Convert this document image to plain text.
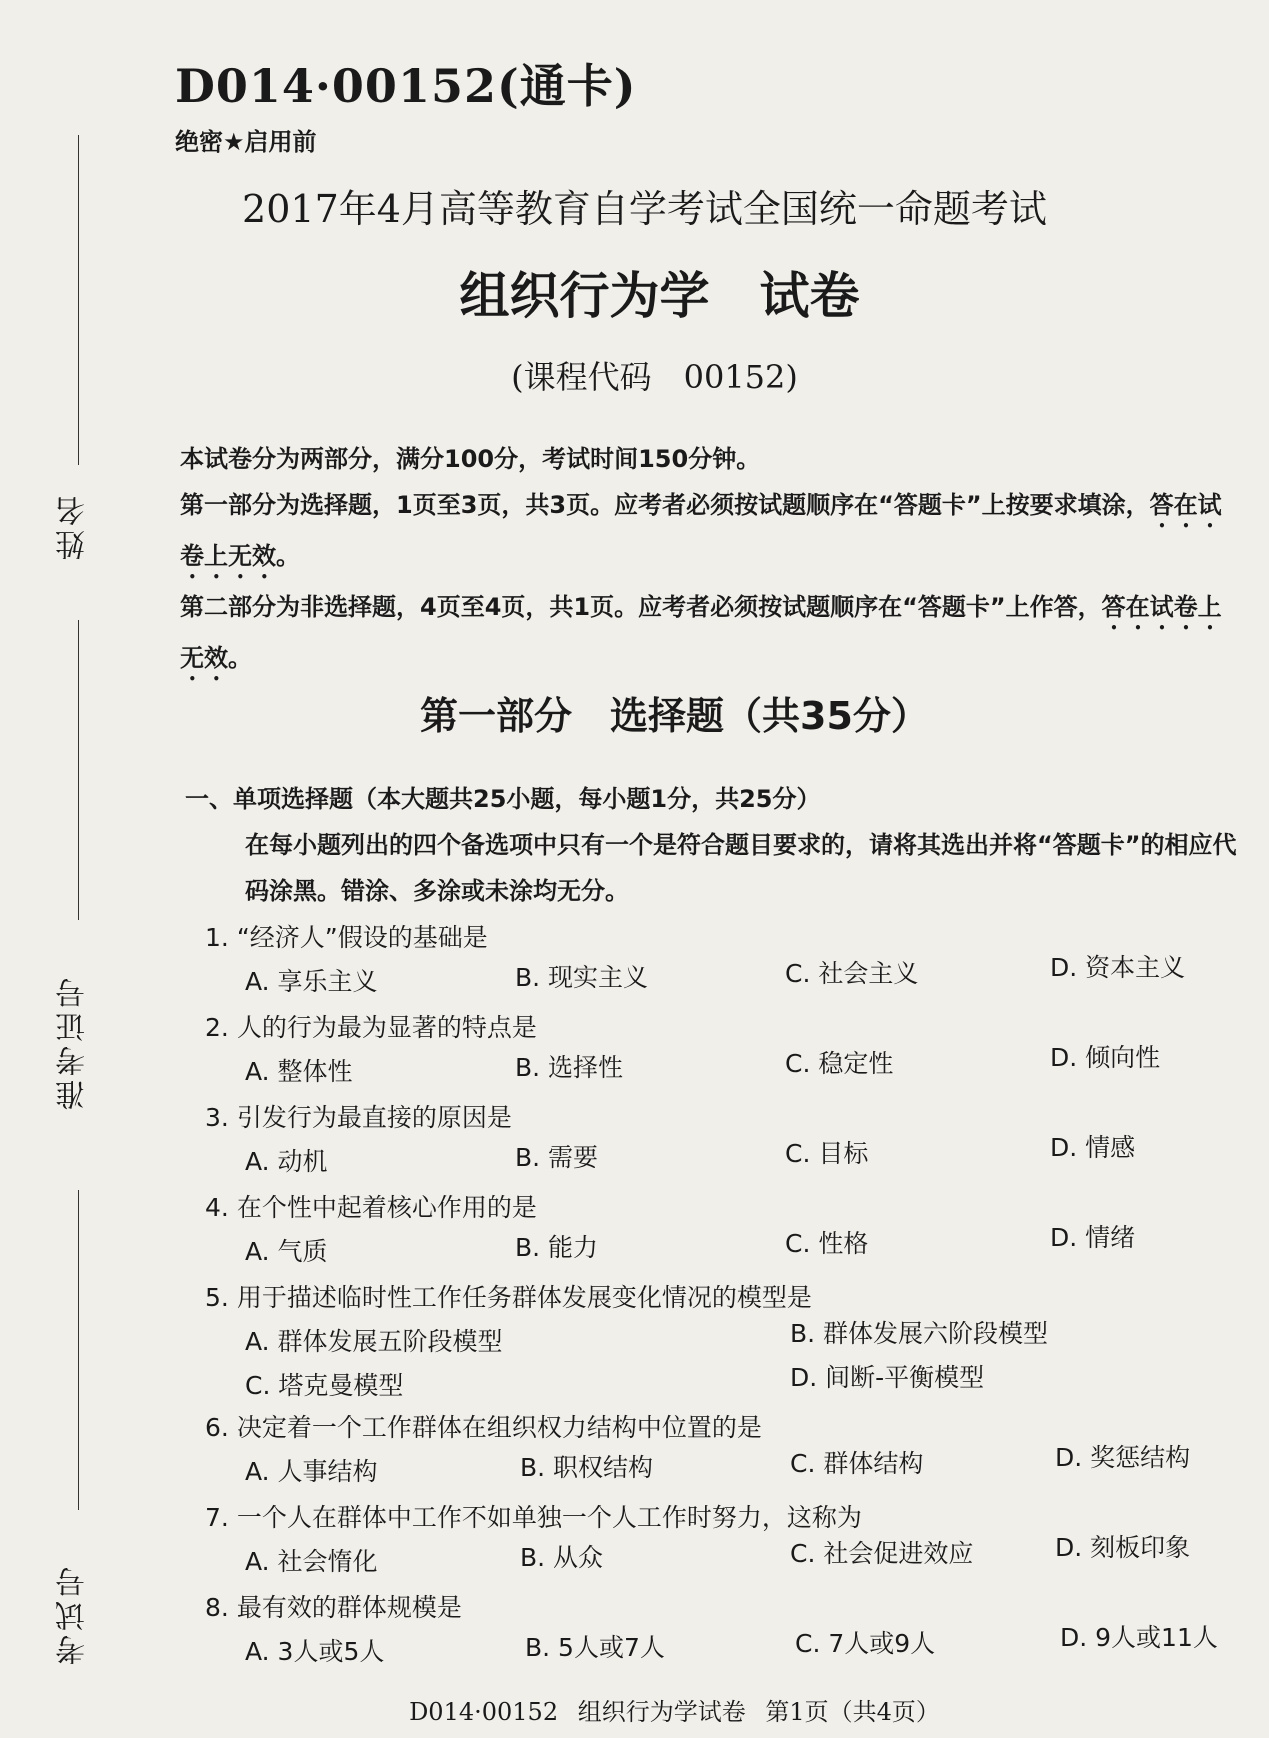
姓名
准考证号
考试号
D014·00152(通卡)
绝密★启用前
2017年4月高等教育自学考试全国统一命题考试
组织行为学　试卷
(课程代码　00152)

本试卷分为两部分，满分100分，考试时间150分钟。

第一部分为选择题，1页至3页，共3页。应考者必须按试题顺序在“答题卡”上按要求填涂，答在试卷上无效。

第二部分为非选择题，4页至4页，共1页。应考者必须按试题顺序在“答题卡”上作答，答在试卷上无效。

第一部分　选择题（共35分）
一、单项选择题（本大题共25小题，每小题1分，共25分）
在每小题列出的四个备选项中只有一个是符合题目要求的，请将其选出并将“答题卡”的相应代码涂黑。错涂、多涂或未涂均无分。
1. “经济人”假设的基础是
A. 享乐主义	B. 现实主义	C. 社会主义	D. 资本主义
2. 人的行为最为显著的特点是
A. 整体性	B. 选择性	C. 稳定性	D. 倾向性
3. 引发行为最直接的原因是
A. 动机	B. 需要	C. 目标	D. 情感
4. 在个性中起着核心作用的是
A. 气质	B. 能力	C. 性格	D. 情绪
5. 用于描述临时性工作任务群体发展变化情况的模型是
A. 群体发展五阶段模型	B. 群体发展六阶段模型
C. 塔克曼模型	D. 间断-平衡模型
6. 决定着一个工作群体在组织权力结构中位置的是
A. 人事结构	B. 职权结构	C. 群体结构	D. 奖惩结构
7. 一个人在群体中工作不如单独一个人工作时努力，这称为
A. 社会惰化	B. 从众	C. 社会促进效应	D. 刻板印象
8. 最有效的群体规模是
A. 3人或5人	B. 5人或7人	C. 7人或9人	D. 9人或11人
D014·00152 组织行为学试卷 第1页（共4页）
